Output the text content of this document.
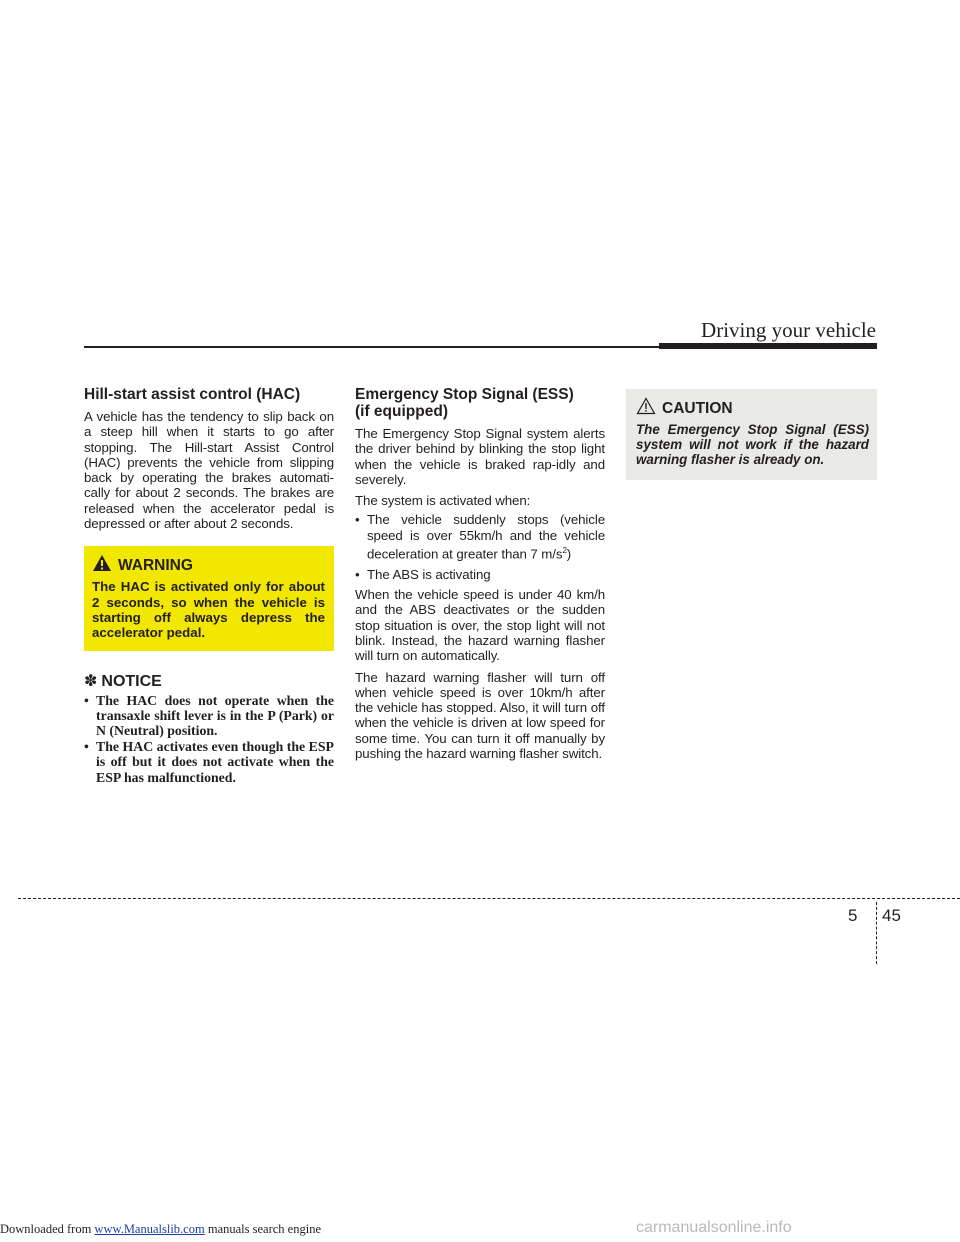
Driving your vehicle
Hill-start assist control (HAC)

A vehicle has the tendency to slip back on a steep hill when it starts to go after stopping. The Hill-start Assist Control (HAC) prevents the vehicle from slipping back by operating the brakes automati-cally for about 2 seconds. The brakes are released when the accelerator pedal is depressed or after about 2 seconds.

WARNING
The HAC is activated only for about 2 seconds, so when the vehicle is starting off always depress the accelerator pedal.
✽ NOTICE
• The HAC does not operate when the transaxle shift lever is in the P (Park) or N (Neutral) position.
• The HAC activates even though the ESP is off but it does not activate when the ESP has malfunctioned.
Emergency Stop Signal (ESS)
(if equipped)

The Emergency Stop Signal system alerts the driver behind by blinking the stop light when the vehicle is braked rap-idly and severely.

The system is activated when:

• The vehicle suddenly stops (vehicle speed is over 55km/h and the vehicle deceleration at greater than 7 $m/s^2$)
• The ABS is activating

When the vehicle speed is under 40 km/h and the ABS deactivates or the sudden stop situation is over, the stop light will not blink. Instead, the hazard warning flasher will turn on automatically.

The hazard warning flasher will turn off when vehicle speed is over 10km/h after the vehicle has stopped. Also, it will turn off when the vehicle is driven at low speed for some time. You can turn it off manually by pushing the hazard warning flasher switch.

CAUTION
The Emergency Stop Signal (ESS) system will not work if the hazard warning flasher is already on.
5 45
Downloaded from www.Manualslib.com manuals search engine	carmanualsonline.info
